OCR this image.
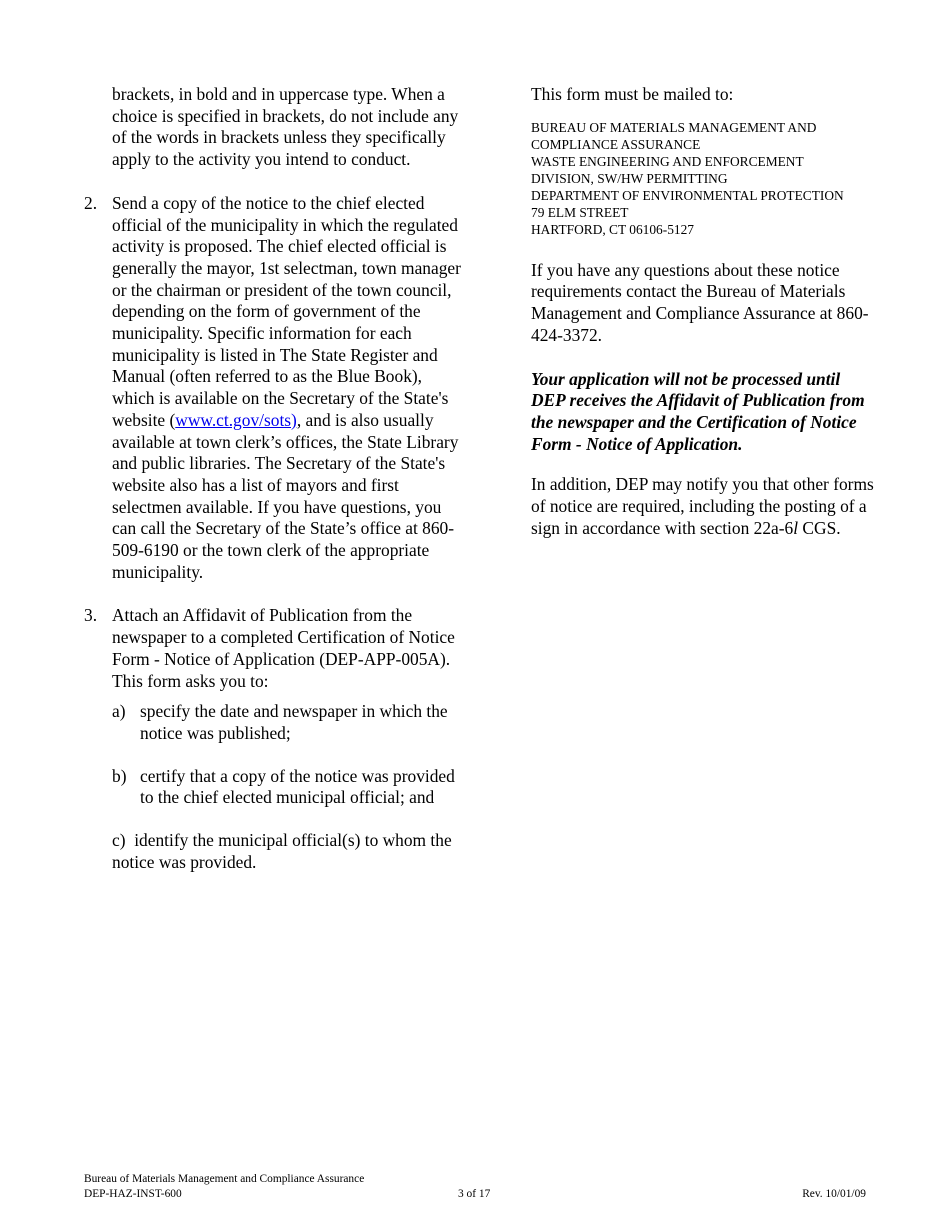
brackets, in bold and in uppercase type. When a choice is specified in brackets, do not include any of the words in brackets unless they specifically apply to the activity you intend to conduct.

2. Send a copy of the notice to the chief elected official of the municipality in which the regulated activity is proposed. The chief elected official is generally the mayor, 1st selectman, town manager or the chairman or president of the town council, depending on the form of government of the municipality. Specific information for each municipality is listed in The State Register and Manual (often referred to as the Blue Book), which is available on the Secretary of the State's website (www.ct.gov/sots), and is also usually available at town clerk’s offices, the State Library and public libraries. The Secretary of the State's website also has a list of mayors and first selectmen available. If you have questions, you can call the Secretary of the State’s office at 860-509-6190 or the town clerk of the appropriate municipality.
3. Attach an Affidavit of Publication from the newspaper to a completed Certification of Notice Form - Notice of Application (DEP-APP-005A). This form asks you to:
a) specify the date and newspaper in which the notice was published;
b) certify that a copy of the notice was provided to the chief elected municipal official; and

c) identify the municipal official(s) to whom the notice was provided.

This form must be mailed to:

BUREAU OF MATERIALS MANAGEMENT AND

COMPLIANCE ASSURANCE

WASTE ENGINEERING AND ENFORCEMENT

DIVISION, SW/HW PERMITTING

DEPARTMENT OF ENVIRONMENTAL PROTECTION

79 ELM STREET

HARTFORD, CT 06106-5127

If you have any questions about these notice requirements contact the Bureau of Materials Management and Compliance Assurance at 860-424-3372.

Your application will not be processed until DEP receives the Affidavit of Publication from the newspaper and the Certification of Notice Form - Notice of Application.

In addition, DEP may notify you that other forms of notice are required, including the posting of a sign in accordance with section 22a-6l CGS.

Bureau of Materials Management and Compliance Assurance
DEP-HAZ-INST-600	3 of 17	Rev. 10/01/09
